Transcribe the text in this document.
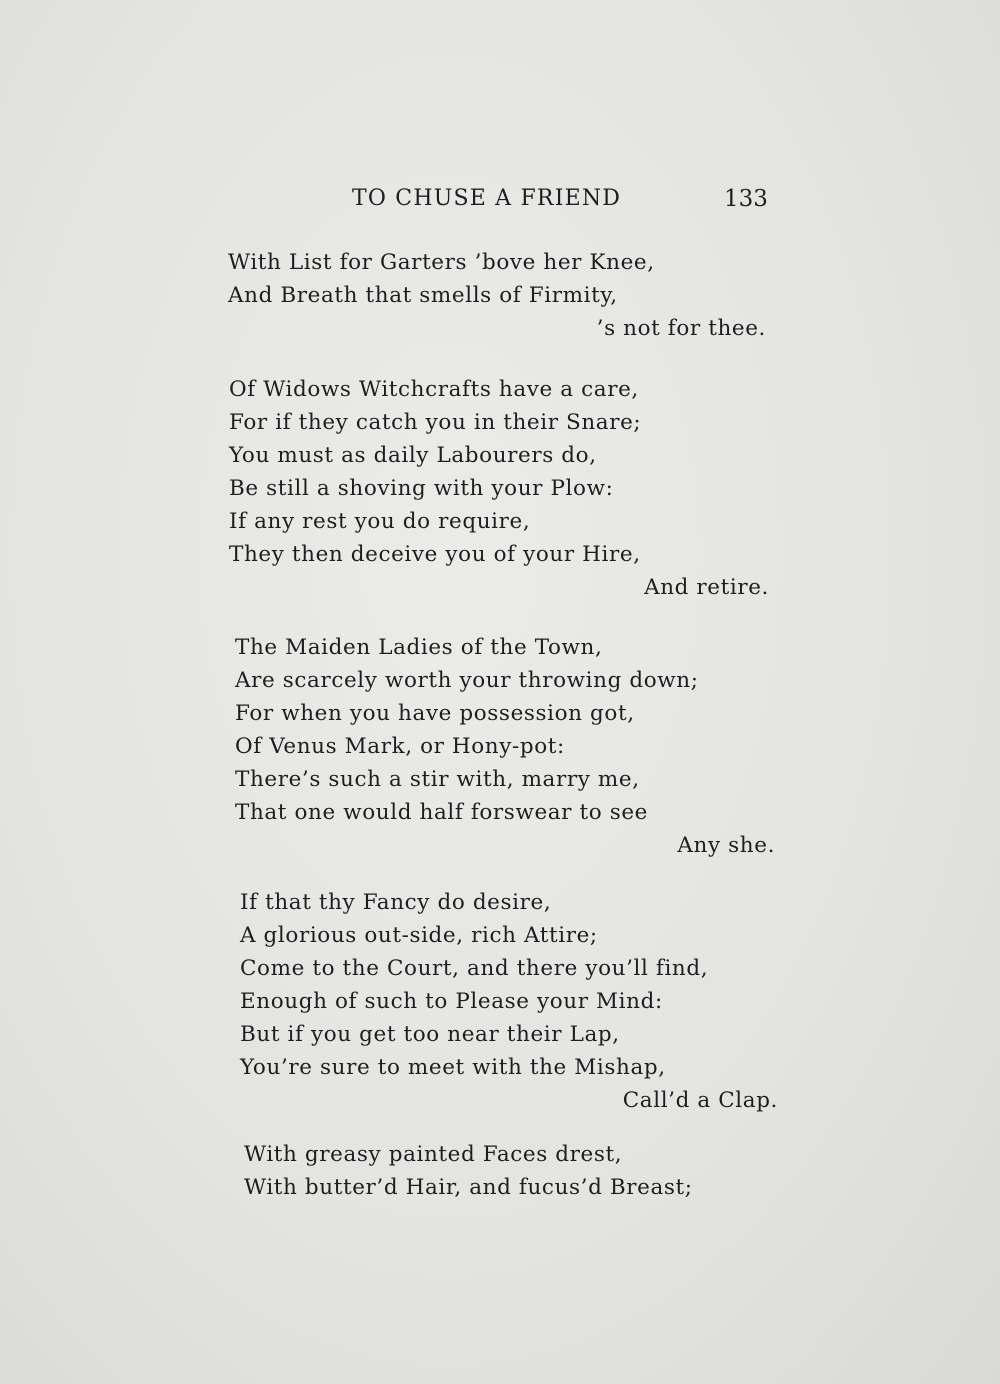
TO CHUSE A FRIEND	133
With List for Garters ’bove her Knee,
And Breath that smells of Firmity,
’s not for thee.
Of Widows Witchcrafts have a care,
For if they catch you in their Snare;
You must as daily Labourers do,
Be still a shoving with your Plow:
If any rest you do require,
They then deceive you of your Hire,
And retire.
The Maiden Ladies of the Town,
Are scarcely worth your throwing down;
For when you have possession got,
Of Venus Mark, or Hony-pot:
There’s such a stir with, marry me,
That one would half forswear to see
Any she.
If that thy Fancy do desire,
A glorious out-side, rich Attire;
Come to the Court, and there you’ll find,
Enough of such to Please your Mind:
But if you get too near their Lap,
You’re sure to meet with the Mishap,
Call’d a Clap.
With greasy painted Faces drest,
With butter’d Hair, and fucus’d Breast;
